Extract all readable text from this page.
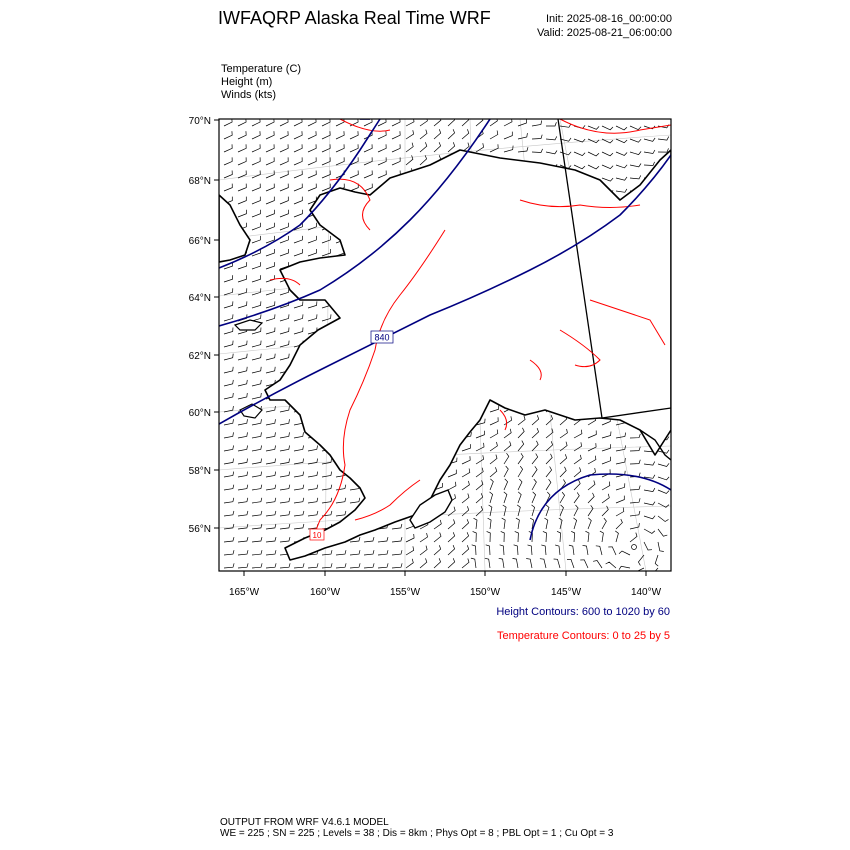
IWFAQRP Alaska Real Time WRF	Init: 2025-08-16_00:00:00
Valid: 2025-08-21_06:00:00
Temperature (C)
Height (m)
Winds (kts)
840
10
70°N
68°N
66°N
64°N
62°N
60°N
58°N
56°N
165°W	160°W	155°W	150°W	145°W	140°W
Height Contours: 600 to 1020 by 60
Temperature Contours: 0 to 25 by 5
OUTPUT FROM WRF V4.6.1 MODEL
WE = 225 ; SN = 225 ; Levels = 38 ; Dis = 8km ; Phys Opt = 8 ; PBL Opt = 1 ; Cu Opt = 3
